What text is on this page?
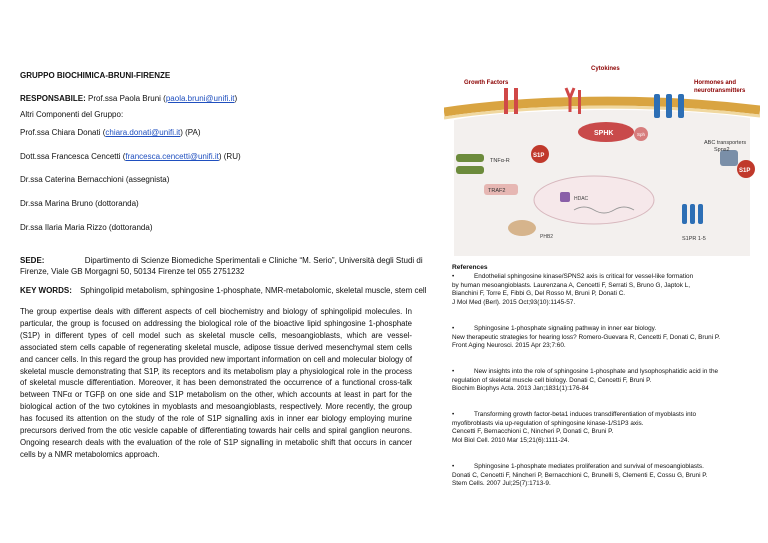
GRUPPO BIOCHIMICA-BRUNI-FIRENZE
RESPONSABILE: Prof.ssa Paola Bruni (paola.bruni@unifi.it)
Altri Componenti del Gruppo:
Prof.ssa Chiara Donati (chiara.donati@unifi.it) (PA)
Dott.ssa Francesca Cencetti (francesca.cencetti@unifi.it) (RU)
Dr.ssa Caterina Bernacchioni (assegnista)
Dr.ssa Marina Bruno (dottoranda)
Dr.ssa Ilaria Maria Rizzo (dottoranda)
SEDE:	Dipartimento di Scienze Biomediche Sperimentali e Cliniche “M. Serio”, Università degli Studi di
Firenze, Viale GB Morgagni 50, 50134 Firenze tel 055 2751232
KEY WORDS: Sphingolipid metabolism, sphingosine 1-phosphate, NMR-metabolomic, skeletal muscle, stem cell
The group expertise deals with different aspects of cell biochemistry and biology of sphingolipid molecules. In particular, the group is focused on addressing the biological role of the bioactive lipid sphingosine 1-phosphate (S1P) in different types of cell model such as skeletal muscle cells, mesoangioblasts, which are vessel-associated stem cells capable of regenerating skeletal muscle, adipose tissue derived mesenchymal stem cells and cancer cells. In this regard the group has provided new important information on cell and molecular biology of skeletal muscle demonstrating that S1P, its receptors and its metabolism play a physiological role in the process of skeletal muscle differentiation. Moreover, it has been demonstrated the occurrence of a functional cross-talk between TNFα or TGFβ on one side and S1P metabolism on the other, which accounts at least in part for the biological action of the two cytokines in myoblasts and mesoangioblasts, respectively. More recently, the group has focused its attention on the study of the role of S1P signalling axis in inner ear biology employing murine precursors derived from the otic vesicle capable of differentiating towards hair cells and spiral ganglion neurons. Ongoing research deals with the evaluation of the role of S1P signalling in metabolic shift that occurs in cancer cells by a NMR metabolomics approach.
SPHK	Sph
S1P
S1P
TNFα-R
TRAF2
HDAC
PHB2	S1PR 1-5
Cytokines
Growth Factors	Hormones and
neurotransmitters
ABC transporters
Spns2
References
•	Endothelial sphingosine kinase/SPNS2 axis is critical for vessel-like formation
by human mesoangioblasts. Laurenzana A, Cencetti F, Serrati S, Bruno G, Japtok L,
Bianchini F, Torre E, Fibbi G, Del Rosso M, Bruni P, Donati C.
J Mol Med (Berl). 2015 Oct;93(10):1145-57.
•	Sphingosine 1-phosphate signaling pathway in inner ear biology.
New therapeutic strategies for hearing loss? Romero-Guevara R, Cencetti F, Donati C, Bruni P.
Front Aging Neurosci. 2015 Apr 23;7:60.
•	New insights into the role of sphingosine 1-phosphate and lysophosphatidic acid in the
regulation of skeletal muscle cell biology. Donati C, Cencetti F, Bruni P.
Biochim Biophys Acta. 2013 Jan;1831(1):176-84
•	Transforming growth factor-beta1 induces transdifferentiation of myoblasts into
myofibroblasts via up-regulation of sphingosine kinase-1/S1P3 axis.
Cencetti F, Bernacchioni C, Nincheri P, Donati C, Bruni P.
Mol Biol Cell. 2010 Mar 15;21(6):1111-24.
•	Sphingosine 1-phosphate mediates proliferation and survival of mesoangioblasts.
Donati C, Cencetti F, Nincheri P, Bernacchioni C, Brunelli S, Clementi E, Cossu G, Bruni P.
Stem Cells. 2007 Jul;25(7):1713-9.
